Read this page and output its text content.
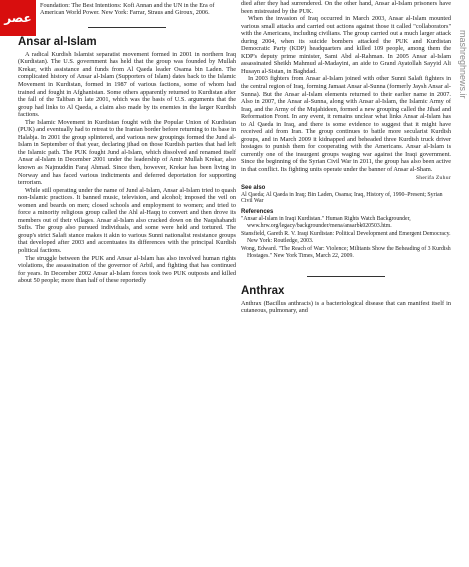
عصر
mashreghnews.ir

Foundation: The Best Intentions: Kofi Annan and the UN in the Era of American World Power. New York: Farrar, Straus and Giroux, 2006.

Ansar al-Islam

A radical Kurdish Islamist separatist movement formed in 2001 in northern Iraq (Kurdistan). The U.S. government has held that the group was founded by Mullah Krekar, with assistance and funds from Al Qaeda leader Osama bin Laden. The complicated history of Ansar al-Islam (Supporters of Islam) dates back to the Islamic Movement in Kurdistan, formed in 1987 of various factions, some of whom had trained and fought in Afghanistan. Some others apparently returned to Kurdistan after the fall of the Taliban in late 2001, which was the basis of U.S. arguments that the group had links to Al Qaeda, a claim also made by its enemies in the larger Kurdish factions.

The Islamic Movement in Kurdistan fought with the Popular Union of Kurdistan (PUK) and eventually had to retreat to the Iranian border before returning to its base in Halabja. In 2001 the group splintered, and various new groupings formed the Jund al-Islam in September of that year, declaring jihad on those Kurdish parties that had left the Islamic path. The PUK fought Jund al-Islam, which dissolved and renamed itself Ansar al-Islam in December 2001 under the leadership of Amir Mullah Krekar, also known as Najmuddin Faraj Ahmad. Since then, however, Krekar has been living in Norway and has faced various indictments and deferred deportation for supporting terrorism.

While still operating under the name of Jund al-Islam, Ansar al-Islam tried to quash non-Islamic practices. It banned music, television, and alcohol; imposed the veil on women and beards on men; closed schools and employment to women; and tried to force a minority religious group called the Ahl al-Haqq to convert and then drove its members out of their villages. Ansar al-Islam also cracked down on the Naqshabandi Sufis. The group also pursued individuals, and some were held and tortured. The group's strict Salafi stance makes it akin to various Sunni nationalist resistance groups that developed after 2003 and accentuates its differences with the principal Kurdish political factions.

The struggle between the PUK and Ansar al-Islam has also involved human rights violations, the assassination of the governor of Arbil, and fighting that has continued for years. In December 2002 Ansar al-Islam forces took two PUK outposts and killed about 50 people; more than half of these reportedly

died after they had surrendered. On the other hand, Ansar al-Islam prisoners have been mistreated by the PUK.

When the invasion of Iraq occurred in March 2003, Ansar al-Islam mounted various small attacks and carried out actions against those it called "collaborators" with the Americans, including civilians. The group carried out a much larger attack during 2004, when its suicide bombers attacked the PUK and Kurdistan Democratic Party (KDP) headquarters and killed 109 people, among them the KDP's deputy prime minister, Sami Abd al-Rahman. In 2005 Ansar al-Islam assassinated Sheikh Mahmud al-Madayini, an aide to Grand Ayatollah Sayyid Ali Husayn al-Sistan, in Baghdad.

In 2003 fighters from Ansar al-Islam joined with other Sunni Salafi fighters in the central region of Iraq, forming Jamaat Ansar al-Sunna (formerly Jaysh Ansar al-Sunna). But the Ansar al-Islam elements returned to their earlier name in 2007. Also in 2007, the Ansar al-Sunna, along with Ansar al-Islam, the Islamic Army of Iraq, and the Army of the Mujahideen, formed a new grouping called the Jihad and Reformation Front. In any event, it remains unclear what links Ansar al-Islam has to Al Qaeda in Iraq, and there is some evidence to suggest that it might have received aid from Iran. The group continues to battle more secularist Kurdish groups, and in March 2009 it kidnapped and beheaded three Kurdish truck driver hostages to punish them for cooperating with the Americans. Ansar al-Islam is currently one of the insurgent groups waging war against the Iraqi government. Since the beginning of the Syrian Civil War in 2011, the group has also been active in that conflict. Its fighting units operate under the banner of Ansar al-Sham.

Sherifa Zuhur
See also

Al Qaeda; Al Qaeda in Iraq; Bin Laden, Osama; Iraq, History of, 1990–Present; Syrian Civil War

References

"Ansar al-Islam in Iraqi Kurdistan." Human Rights Watch Backgrounder, www.hrw.org/legacy/backgrounder/mena/ansarbk020503.htm.

Stansfield, Gareth R. V. Iraqi Kurdistan: Political Development and Emergent Democracy. New York: Routledge, 2003.

Wong, Edward. "The Reach of War: Violence; Militants Show the Beheading of 3 Kurdish Hostages." New York Times, March 22, 2009.

Anthrax

Anthrax (Bacillus anthracis) is a bacteriological disease that can manifest itself in cutaneous, pulmonary, and
